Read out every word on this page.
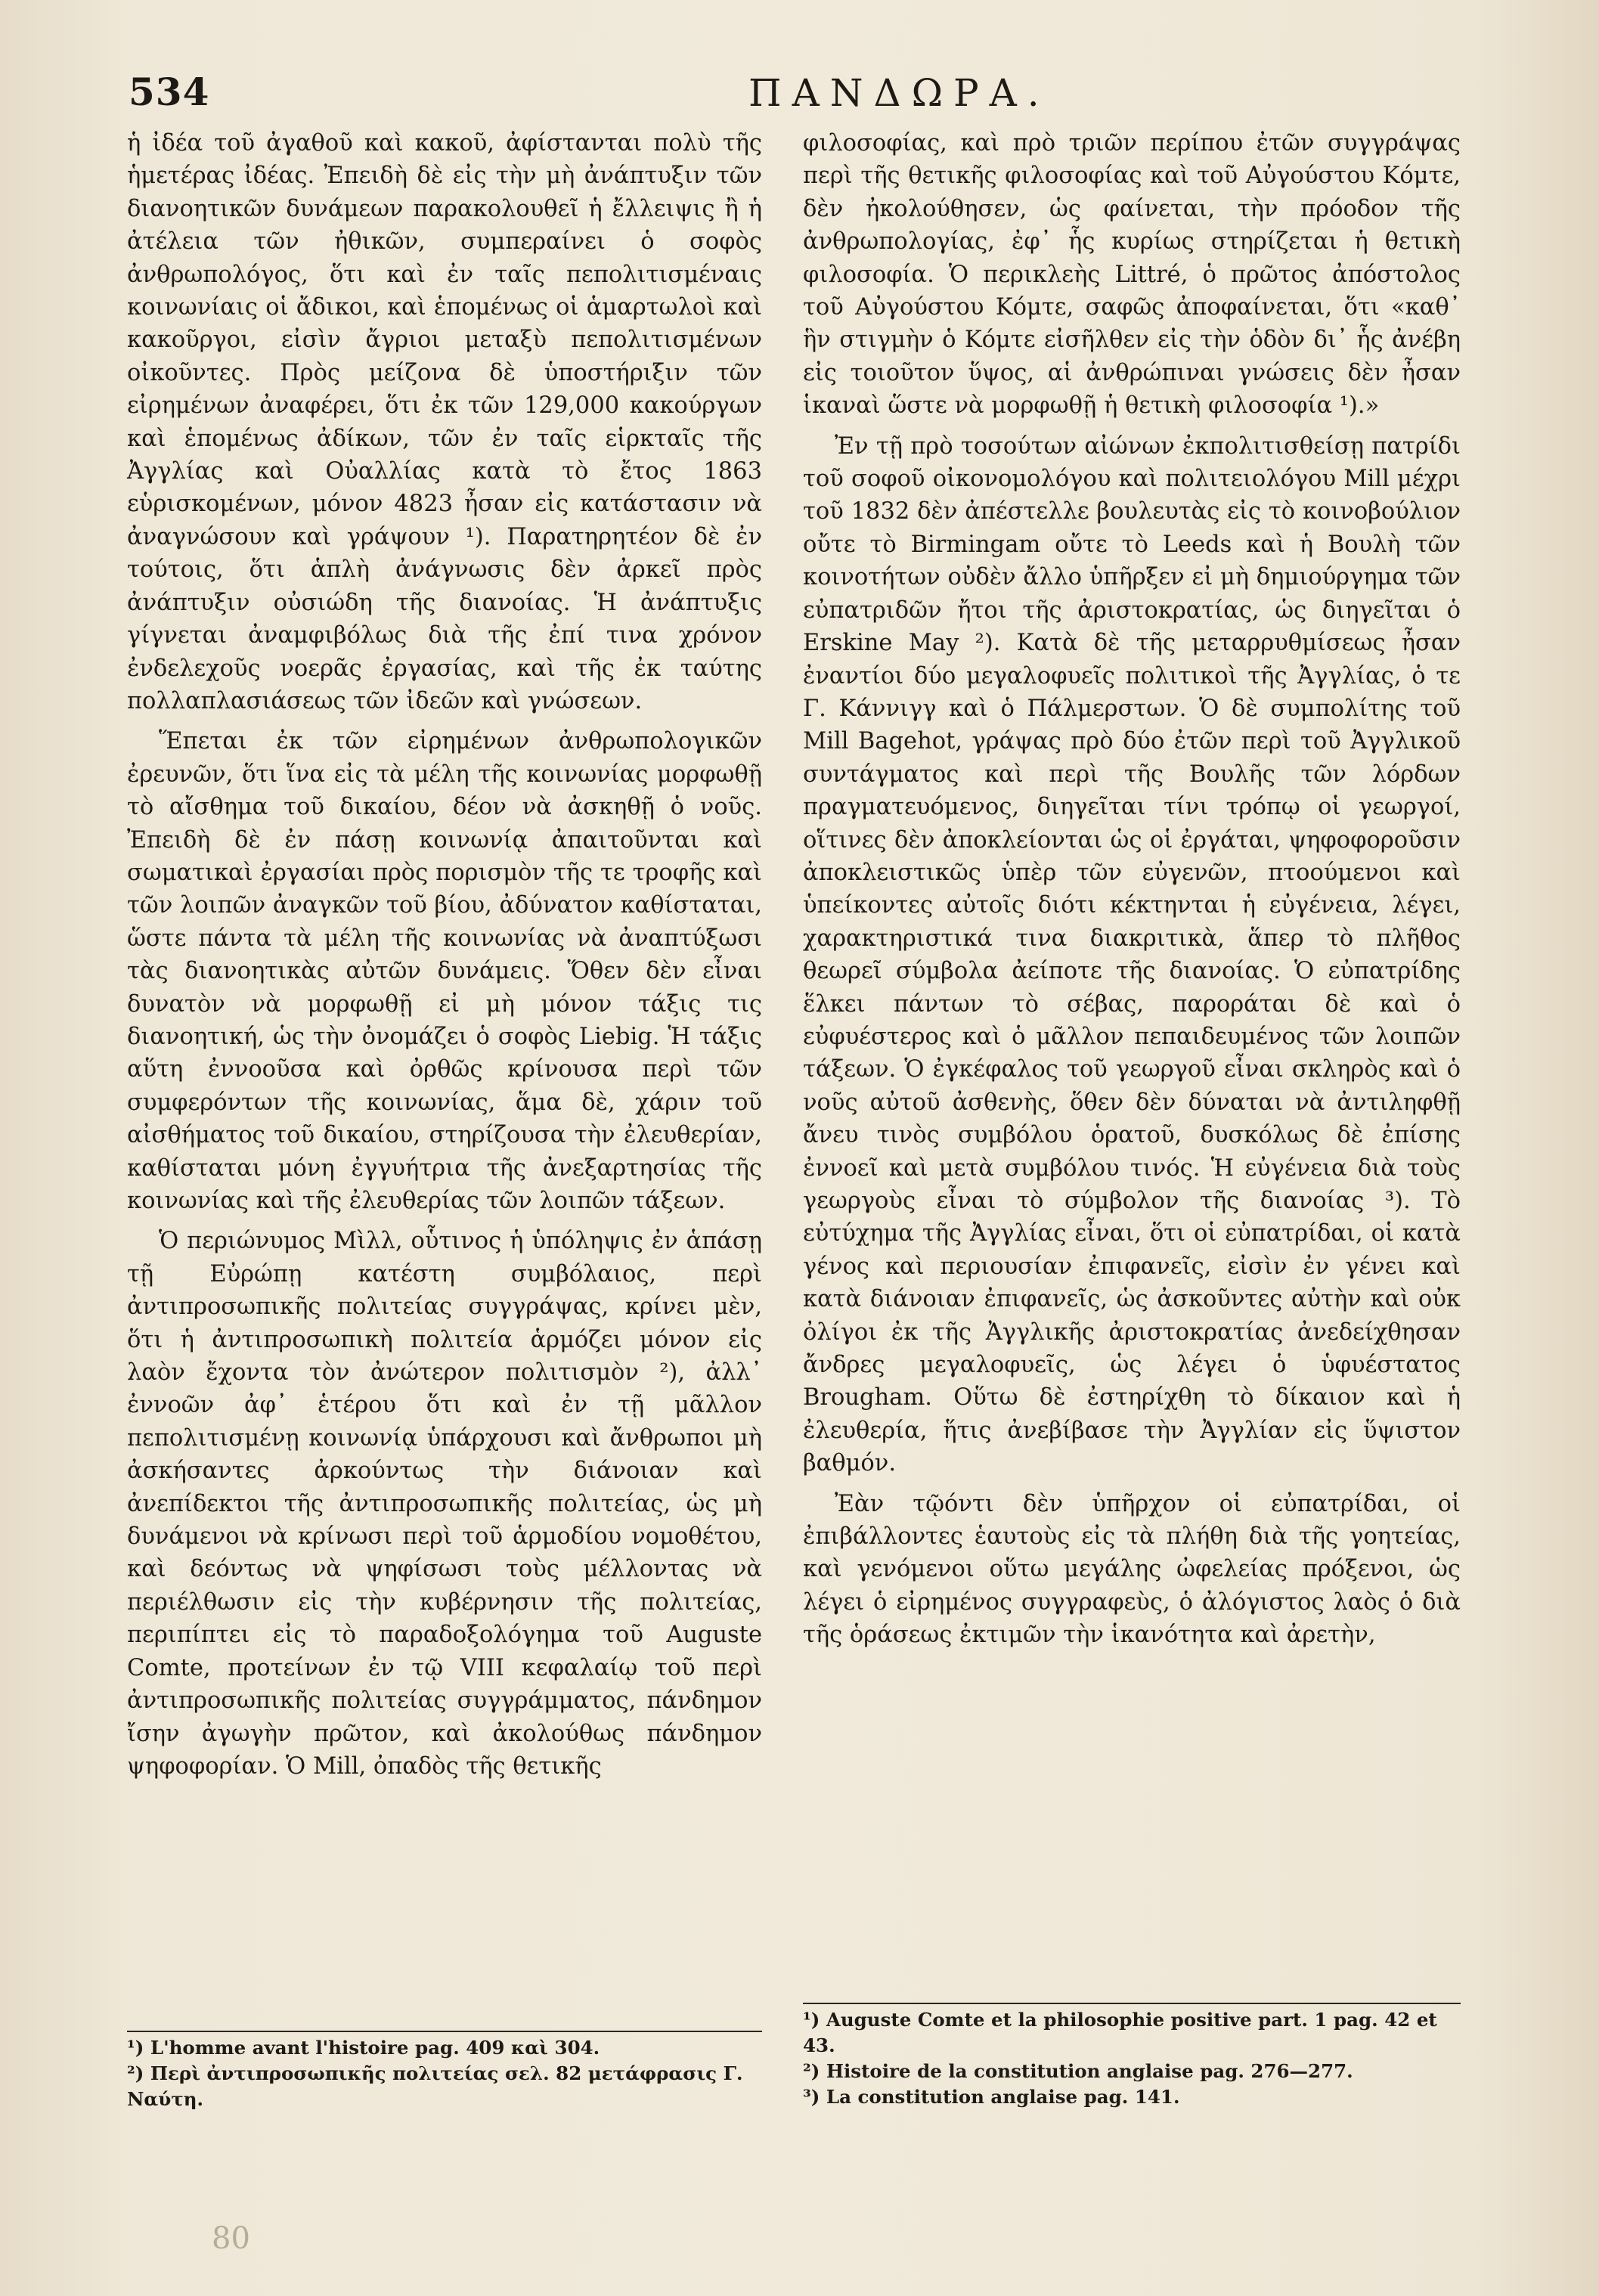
534	ΠΑΝΔΩΡΑ.

ἡ ἰδέα τοῦ ἀγαθοῦ καὶ κακοῦ, ἀφίστανται πολὺ τῆς ἡμετέρας ἰδέας. Ἐπειδὴ δὲ εἰς τὴν μὴ ἀνάπτυξιν τῶν διανοητικῶν δυνάμεων παρακολουθεῖ ἡ ἔλλειψις ἢ ἡ ἀτέλεια τῶν ἠθικῶν, συμπεραίνει ὁ σοφὸς ἀνθρωπολόγος, ὅτι καὶ ἐν ταῖς πεπολιτισμέναις κοινωνίαις οἱ ἄδικοι, καὶ ἑπομένως οἱ ἁμαρτωλοὶ καὶ κακοῦργοι, εἰσὶν ἄγριοι μεταξὺ πεπολιτισμένων οἰκοῦντες. Πρὸς μείζονα δὲ ὑποστήριξιν τῶν εἰρημένων ἀναφέρει, ὅτι ἐκ τῶν 129,000 κακούργων καὶ ἑπομένως ἀδίκων, τῶν ἐν ταῖς εἱρκταῖς τῆς Ἀγγλίας καὶ Οὐαλλίας κατὰ τὸ ἔτος 1863 εὑρισκομένων, μόνον 4823 ἦσαν εἰς κατάστασιν νὰ ἀναγνώσουν καὶ γράψουν ¹). Παρατηρητέον δὲ ἐν τούτοις, ὅτι ἁπλὴ ἀνάγνωσις δὲν ἀρκεῖ πρὸς ἀνάπτυξιν οὐσιώδη τῆς διανοίας. Ἡ ἀνάπτυξις γίγνεται ἀναμφιβόλως διὰ τῆς ἐπί τινα χρόνον ἐνδελεχοῦς νοερᾶς ἐργασίας, καὶ τῆς ἐκ ταύτης πολλαπλασιάσεως τῶν ἰδεῶν καὶ γνώσεων.

Ἕπεται ἐκ τῶν εἰρημένων ἀνθρωπολογικῶν ἐρευνῶν, ὅτι ἵνα εἰς τὰ μέλη τῆς κοινωνίας μορφωθῇ τὸ αἴσθημα τοῦ δικαίου, δέον νὰ ἀσκηθῇ ὁ νοῦς. Ἐπειδὴ δὲ ἐν πάσῃ κοινωνίᾳ ἀπαιτοῦνται καὶ σωματικαὶ ἐργασίαι πρὸς πορισμὸν τῆς τε τροφῆς καὶ τῶν λοιπῶν ἀναγκῶν τοῦ βίου, ἀδύνατον καθίσταται, ὥστε πάντα τὰ μέλη τῆς κοινωνίας νὰ ἀναπτύξωσι τὰς διανοητικὰς αὐτῶν δυνάμεις. Ὅθεν δὲν εἶναι δυνατὸν νὰ μορφωθῇ εἰ μὴ μόνον τάξις τις διανοητική, ὡς τὴν ὀνομάζει ὁ σοφὸς Liebig. Ἡ τάξις αὕτη ἐννοοῦσα καὶ ὀρθῶς κρίνουσα περὶ τῶν συμφερόντων τῆς κοινωνίας, ἅμα δὲ, χάριν τοῦ αἰσθήματος τοῦ δικαίου, στηρίζουσα τὴν ἐλευθερίαν, καθίσταται μόνη ἐγγυήτρια τῆς ἀνεξαρτησίας τῆς κοινωνίας καὶ τῆς ἐλευθερίας τῶν λοιπῶν τάξεων.

Ὁ περιώνυμος Μὶλλ, οὗτινος ἡ ὑπόληψις ἐν ἁπάσῃ τῇ Εὐρώπῃ κατέστη συμβόλαιος, περὶ ἀντιπροσωπικῆς πολιτείας συγγράψας, κρίνει μὲν, ὅτι ἡ ἀντιπροσωπικὴ πολιτεία ἁρμόζει μόνον εἰς λαὸν ἔχοντα τὸν ἀνώτερον πολιτισμὸν ²), ἀλλ᾽ ἐννοῶν ἀφ᾽ ἑτέρου ὅτι καὶ ἐν τῇ μᾶλλον πεπολιτισμένῃ κοινωνίᾳ ὑπάρχουσι καὶ ἄνθρωποι μὴ ἀσκήσαντες ἀρκούντως τὴν διάνοιαν καὶ ἀνεπίδεκτοι τῆς ἀντιπροσωπικῆς πολιτείας, ὡς μὴ δυνάμενοι νὰ κρίνωσι περὶ τοῦ ἁρμοδίου νομοθέτου, καὶ δεόντως νὰ ψηφίσωσι τοὺς μέλλοντας νὰ περιέλθωσιν εἰς τὴν κυβέρνησιν τῆς πολιτείας, περιπίπτει εἰς τὸ παραδοξολόγημα τοῦ Auguste Comte, προτείνων ἐν τῷ VIII κεφαλαίῳ τοῦ περὶ ἀντιπροσωπικῆς πολιτείας συγγράμματος, πάνδημον ἴσην ἀγωγὴν πρῶτον, καὶ ἀκολούθως πάνδημον ψηφοφορίαν. Ὁ Mill, ὀπαδὸς τῆς θετικῆς

φιλοσοφίας, καὶ πρὸ τριῶν περίπου ἐτῶν συγγράψας περὶ τῆς θετικῆς φιλοσοφίας καὶ τοῦ Αὐγούστου Κόμτε, δὲν ἠκολούθησεν, ὡς φαίνεται, τὴν πρόοδον τῆς ἀνθρωπολογίας, ἐφ᾽ ἧς κυρίως στηρίζεται ἡ θετικὴ φιλοσοφία. Ὁ περικλεὴς Littré, ὁ πρῶτος ἀπόστολος τοῦ Αὐγούστου Κόμτε, σαφῶς ἀποφαίνεται, ὅτι «καθ᾽ ἣν στιγμὴν ὁ Κόμτε εἰσῆλθεν εἰς τὴν ὁδὸν δι᾽ ἧς ἀνέβη εἰς τοιοῦτον ὕψος, αἱ ἀνθρώπιναι γνώσεις δὲν ἦσαν ἱκαναὶ ὥστε νὰ μορφωθῇ ἡ θετικὴ φιλοσοφία ¹).»

Ἐν τῇ πρὸ τοσούτων αἰώνων ἐκπολιτισθείσῃ πατρίδι τοῦ σοφοῦ οἰκονομολόγου καὶ πολιτειολόγου Mill μέχρι τοῦ 1832 δὲν ἀπέστελλε βουλευτὰς εἰς τὸ κοινοβούλιον οὔτε τὸ Birmingam οὔτε τὸ Leeds καὶ ἡ Βουλὴ τῶν κοινοτήτων οὐδὲν ἄλλο ὑπῆρξεν εἰ μὴ δημιούργημα τῶν εὐπατριδῶν ἤτοι τῆς ἀριστοκρατίας, ὡς διηγεῖται ὁ Erskine May ²). Κατὰ δὲ τῆς μεταρρυθμίσεως ἦσαν ἐναντίοι δύο μεγαλοφυεῖς πολιτικοὶ τῆς Ἀγγλίας, ὁ τε Γ. Κάννιγγ καὶ ὁ Πάλμερστων. Ὁ δὲ συμπολίτης τοῦ Mill Bagehot, γράψας πρὸ δύο ἐτῶν περὶ τοῦ Ἀγγλικοῦ συντάγματος καὶ περὶ τῆς Βουλῆς τῶν λόρδων πραγματευόμενος, διηγεῖται τίνι τρόπῳ οἱ γεωργοί, οἵτινες δὲν ἀποκλείονται ὡς οἱ ἐργάται, ψηφοφοροῦσιν ἀποκλειστικῶς ὑπὲρ τῶν εὐγενῶν, πτοούμενοι καὶ ὑπείκοντες αὐτοῖς διότι κέκτηνται ἡ εὐγένεια, λέγει, χαρακτηριστικά τινα διακριτικὰ, ἅπερ τὸ πλῆθος θεωρεῖ σύμβολα ἀείποτε τῆς διανοίας. Ὁ εὐπατρίδης ἕλκει πάντων τὸ σέβας, παροράται δὲ καὶ ὁ εὐφυέστερος καὶ ὁ μᾶλλον πεπαιδευμένος τῶν λοιπῶν τάξεων. Ὁ ἐγκέφαλος τοῦ γεωργοῦ εἶναι σκληρὸς καὶ ὁ νοῦς αὐτοῦ ἀσθενὴς, ὅθεν δὲν δύναται νὰ ἀντιληφθῇ ἄνευ τινὸς συμβόλου ὁρατοῦ, δυσκόλως δὲ ἐπίσης ἐννοεῖ καὶ μετὰ συμβόλου τινός. Ἡ εὐγένεια διὰ τοὺς γεωργοὺς εἶναι τὸ σύμβολον τῆς διανοίας ³). Τὸ εὐτύχημα τῆς Ἀγγλίας εἶναι, ὅτι οἱ εὐπατρίδαι, οἱ κατὰ γένος καὶ περιουσίαν ἐπιφανεῖς, εἰσὶν ἐν γένει καὶ κατὰ διάνοιαν ἐπιφανεῖς, ὡς ἀσκοῦντες αὐτὴν καὶ οὐκ ὀλίγοι ἐκ τῆς Ἀγγλικῆς ἀριστοκρατίας ἀνεδείχθησαν ἄνδρες μεγαλοφυεῖς, ὡς λέγει ὁ ὑφυέστατος Brougham. Οὕτω δὲ ἐστηρίχθη τὸ δίκαιον καὶ ἡ ἐλευθερία, ἥτις ἀνεβίβασε τὴν Ἀγγλίαν εἰς ὕψιστον βαθμόν.

Ἐὰν τῷόντι δὲν ὑπῆρχον οἱ εὐπατρίδαι, οἱ ἐπιβάλλοντες ἑαυτοὺς εἰς τὰ πλήθη διὰ τῆς γοητείας, καὶ γενόμενοι οὕτω μεγάλης ὠφελείας πρόξενοι, ὡς λέγει ὁ εἰρημένος συγγραφεὺς, ὁ ἀλόγιστος λαὸς ὁ διὰ τῆς ὁράσεως ἐκτιμῶν τὴν ἱκανότητα καὶ ἀρετὴν,

¹) L'homme avant l'histoire pag. 409 καὶ 304.

²) Περὶ ἀντιπροσωπικῆς πολιτείας σελ. 82 μετάφρασις Γ. Ναύτη.

¹) Auguste Comte et la philosophie positive part. 1 pag. 42 et 43.

²) Histoire de la constitution anglaise pag. 276—277.

³) La constitution anglaise pag. 141.

80
